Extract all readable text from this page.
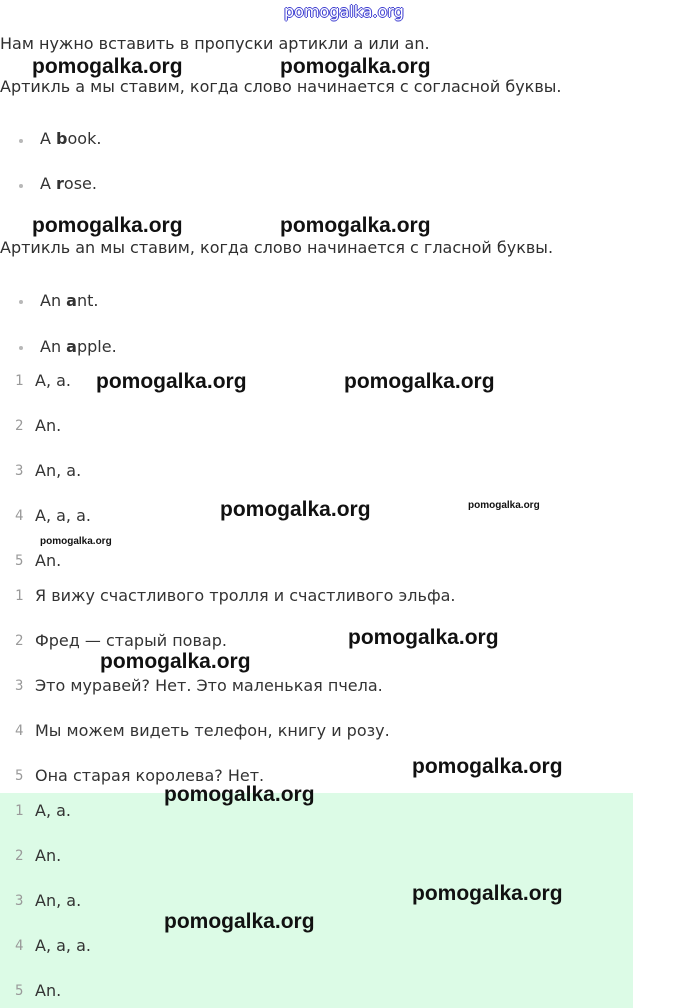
pomogalka.org
Нам нужно вставить в пропуски артикли a или an.
Артикль a мы ставим, когда слово начинается с согласной буквы.
A book.
A rose.
Артикль an мы ставим, когда слово начинается с гласной буквы.
An ant.
An apple.
1 A, a.
2 An.
3 An, a.
4 A, a, a.
5 An.
1 Я вижу счастливого тролля и счастливого эльфа.
2 Фред — старый повар.
3 Это муравей? Нет. Это маленькая пчела.
4 Мы можем видеть телефон, книгу и розу.
5 Она старая королева? Нет.
1 A, a.
2 An.
3 An, a.
4 A, a, a.
5 An.
pomogalka.org	pomogalka.org
pomogalka.org	pomogalka.org
pomogalka.org	pomogalka.org
pomogalka.org	pomogalka.org
pomogalka.org
pomogalka.org
pomogalka.org
pomogalka.org
pomogalka.org
pomogalka.org
pomogalka.org
